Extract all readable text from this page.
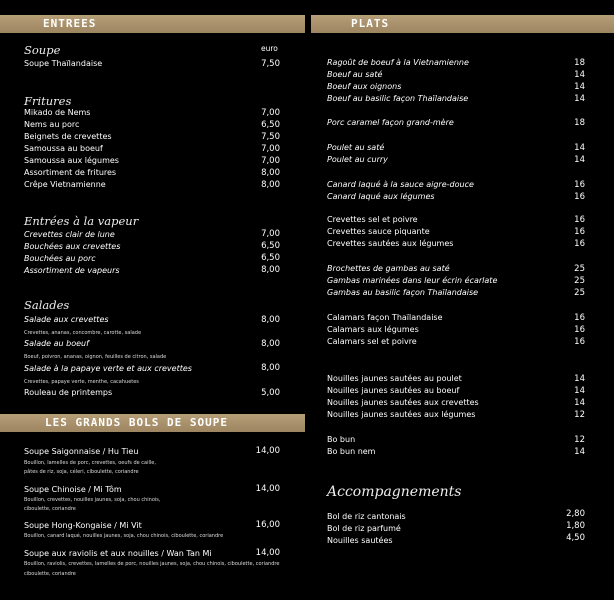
ENTREES	PLATS
LES GRANDS BOLS DE SOUPE
Soupe	euro
Soupe Thaïlandaise	7,50
Fritures
Mikado de Nems	7,00
Nems au porc	6,50
Beignets de crevettes	7,50
Samoussa au boeuf	7,00
Samoussa aux légumes	7,00
Assortiment de fritures	8,00
Crêpe Vietnamienne	8,00
Entrées à la vapeur
Crevettes clair de lune	7,00
Bouchées aux crevettes	6,50
Bouchées au porc	6,50
Assortiment de vapeurs	8,00
Salades
Salade aux crevettes	8,00
Crevettes, ananas, concombre, carotte, salade
Salade au boeuf	8,00
Boeuf, poivron, ananas, oignon, feuilles de citron, salade
Salade à la papaye verte et aux crevettes	8,00
Crevettes, papaye verte, menthe, cacahuetes
Rouleau de printemps	5,00
Soupe Saigonnaise / Hu Tieu	14,00
Bouillon, lamelles de porc, crevettes, oeufs de caille,
pâtes de riz, soja, céleri, ciboulette, coriandre
Soupe Chinoise / Mi Tôm	14,00
Bouillon, crevettes, nouilles jaunes, soja, chou chinois,
ciboulette, coriandre
Soupe Hong-Kongaise / Mi Vit	16,00
Bouillon, canard laqué, nouilles jaunes, soja, chou chinois, ciboulette, coriandre
Soupe aux raviolis et aux nouilles / Wan Tan Mi	14,00
Bouillon, raviolis, crevettes, lamelles de porc, nouilles jaunes, soja, chou chinois, ciboulette, coriandre
ciboulette, coriandre
Ragoût de boeuf à la Vietnamienne	18
Boeuf au saté	14
Boeuf aux oignons	14
Boeuf au basilic façon Thaïlandaise	14
Porc caramel façon grand-mère	18
Poulet au saté	14
Poulet au curry	14
Canard laqué à la sauce aigre-douce	16
Canard laqué aux légumes	16
Crevettes sel et poivre	16
Crevettes sauce piquante	16
Crevettes sautées aux légumes	16
Brochettes de gambas au saté	25
Gambas marinées dans leur écrin écarlate	25
Gambas au basilic façon Thaïlandaise	25
Calamars façon Thaïlandaise	16
Calamars aux légumes	16
Calamars sel et poivre	16
Nouilles jaunes sautées au poulet	14
Nouilles jaunes sautées au boeuf	14
Nouilles jaunes sautées aux crevettes	14
Nouilles jaunes sautées aux légumes	12
Bo bun	12
Bo bun nem	14
Accompagnements
Bol de riz cantonais	2,80
Bol de riz parfumé	1,80
Nouilles sautées	4,50
